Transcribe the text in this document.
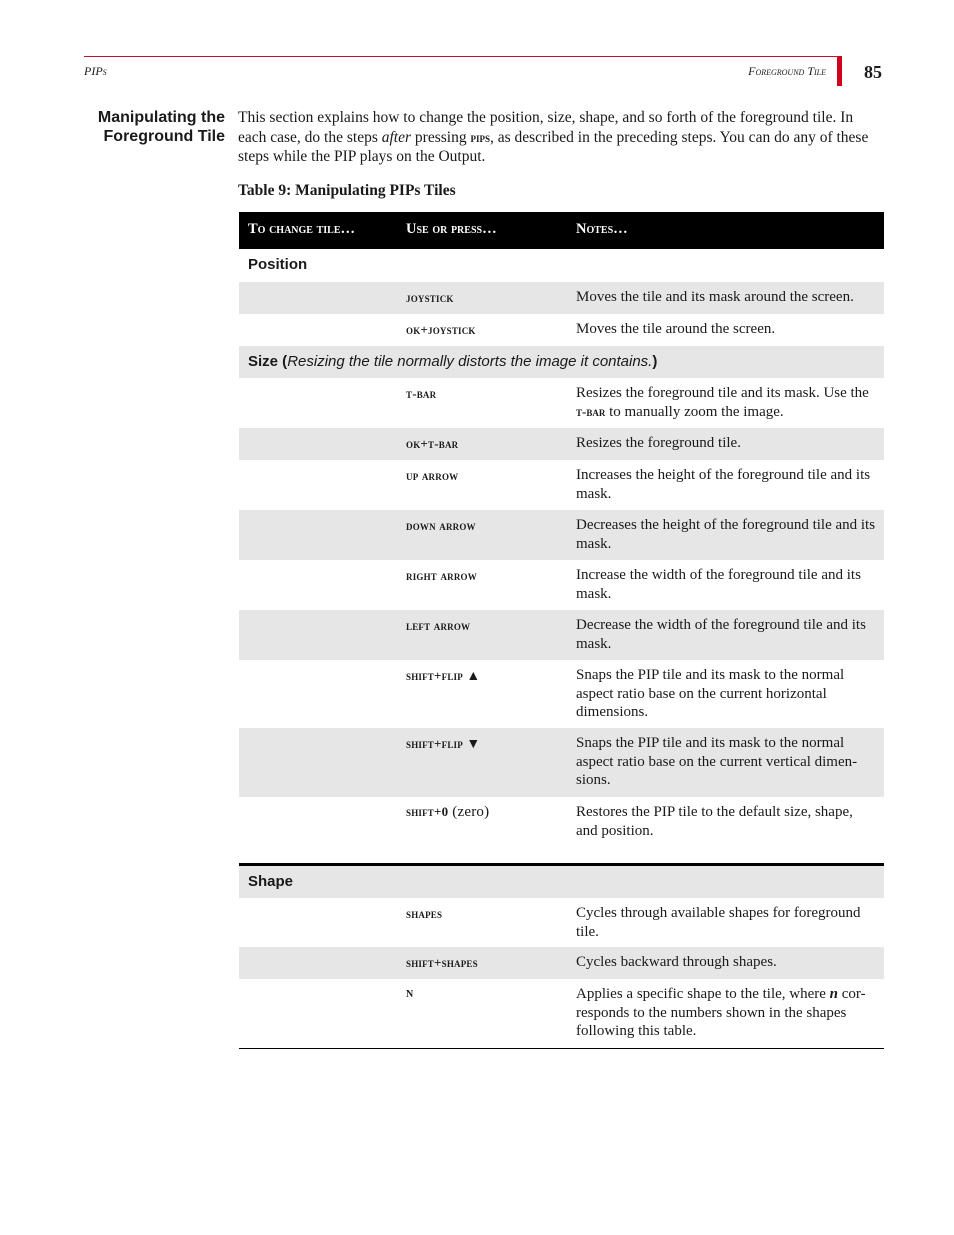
PIPs	Foreground Tile 85
Manipulating the
Foreground Tile
This section explains how to change the position, size, shape, and so forth of the foreground tile. In each case, do the steps after pressing pips, as described in the preceding steps. You can do any of these steps while the PIP plays on the Output.
Table 9: Manipulating PIPs Tiles
To change tile…	Use or press…	Notes…
Position
joystick	Moves the tile and its mask around the screen.
ok+joystick	Moves the tile around the screen.
Size (Resizing the tile normally distorts the image it contains.)
t-bar	Resizes the foreground tile and its mask. Use the t-bar to manually zoom the image.
ok+t-bar	Resizes the foreground tile.
up arrow	Increases the height of the foreground tile and its mask.
down arrow	Decreases the height of the foreground tile and its mask.
right arrow	Increase the width of the foreground tile and its mask.
left arrow	Decrease the width of the foreground tile and its mask.
shift+flip ▲	Snaps the PIP tile and its mask to the normal aspect ratio base on the current horizontal dimensions.
shift+flip ▼	Snaps the PIP tile and its mask to the normal aspect ratio base on the current vertical dimen-sions.
shift+0 (zero)	Restores the PIP tile to the default size, shape, and position.
Shape
shapes	Cycles through available shapes for foreground tile.
shift+shapes	Cycles backward through shapes.
n	Applies a specific shape to the tile, where n cor-responds to the numbers shown in the shapes following this table.
